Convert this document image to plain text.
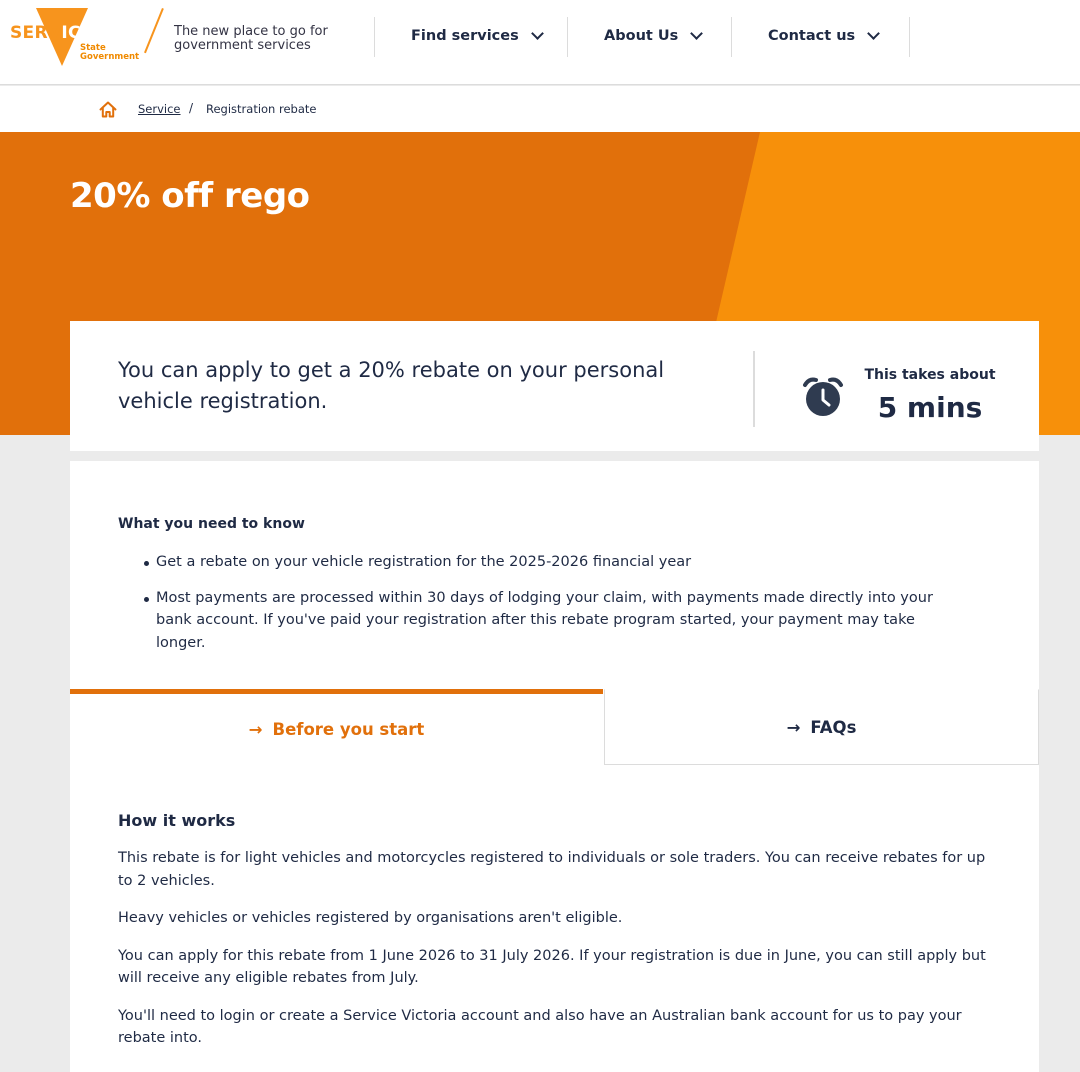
SERVICE
State
Government
The new place to go for government services
Find services	About Us	Contact us
Service / Registration rebate
20% off rego
You can apply to get a 20% rebate on your personal vehicle registration.
This takes about
5 mins
What you need to know
Get a rebate on your vehicle registration for the 2025-2026 financial year
Most payments are processed within 30 days of lodging your claim, with payments made directly into your bank account. If you've paid your registration after this rebate program started, your payment may take longer.
→ Before you start	→ FAQs
How it works

This rebate is for light vehicles and motorcycles registered to individuals or sole traders. You can receive rebates for up to 2 vehicles.

Heavy vehicles or vehicles registered by organisations aren't eligible.

You can apply for this rebate from 1 June 2026 to 31 July 2026. If your registration is due in June, you can still apply but will receive any eligible rebates from July.

You'll need to login or create a Service Victoria account and also have an Australian bank account for us to pay your rebate into.
